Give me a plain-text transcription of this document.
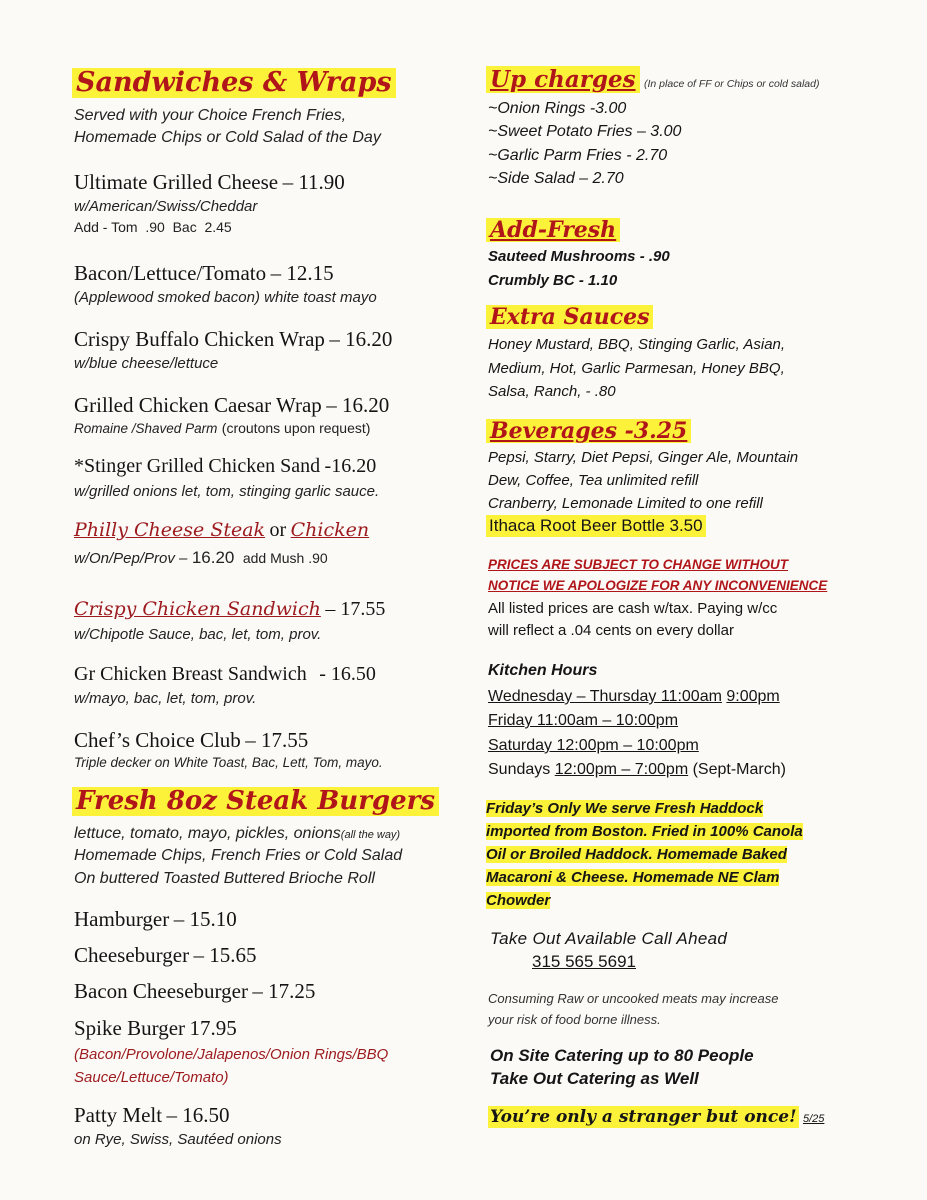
Sandwiches & Wraps
Served with your Choice French Fries,
Homemade Chips or Cold Salad of the Day
Ultimate Grilled Cheese – 11.90
w/American/Swiss/Cheddar
Add - Tom  .90  Bac  2.45
Bacon/Lettuce/Tomato – 12.15
(Applewood smoked bacon) white toast mayo
Crispy Buffalo Chicken Wrap – 16.20
w/blue cheese/lettuce
Grilled Chicken Caesar Wrap – 16.20
Romaine /Shaved Parm (croutons upon request)
*Stinger Grilled Chicken Sand -16.20
w/grilled onions let, tom, stinging garlic sauce.
Philly Cheese Steak or Chicken
w/On/Pep/Prov – 16.20 add Mush .90
Crispy Chicken Sandwich – 17.55
w/Chipotle Sauce, bac, let, tom, prov.
Gr Chicken Breast Sandwich - 16.50
w/mayo, bac, let, tom, prov.
Chef’s Choice Club – 17.55
Triple decker on White Toast, Bac, Lett, Tom, mayo.
Fresh 8oz Steak Burgers
lettuce, tomato, mayo, pickles, onions(all the way)
Homemade Chips, French Fries or Cold Salad
On buttered Toasted Buttered Brioche Roll
Hamburger – 15.10
Cheeseburger – 15.65
Bacon Cheeseburger – 17.25
Spike Burger 17.95
(Bacon/Provolone/Jalapenos/Onion Rings/BBQ
Sauce/Lettuce/Tomato)
Patty Melt – 16.50
on Rye, Swiss, Sautéed onions
Up charges (In place of FF or Chips or cold salad)
~Onion Rings -3.00
~Sweet Potato Fries – 3.00
~Garlic Parm Fries - 2.70
~Side Salad – 2.70
Add-Fresh
Sauteed Mushrooms - .90
Crumbly BC - 1.10
Extra Sauces
Honey Mustard, BBQ, Stinging Garlic, Asian,
Medium, Hot, Garlic Parmesan, Honey BBQ,
Salsa, Ranch, - .80
Beverages -3.25
Pepsi, Starry, Diet Pepsi, Ginger Ale, Mountain
Dew, Coffee, Tea unlimited refill
Cranberry, Lemonade Limited to one refill
Ithaca Root Beer Bottle 3.50
PRICES ARE SUBJECT TO CHANGE WITHOUT
NOTICE WE APOLOGIZE FOR ANY INCONVENIENCE
All listed prices are cash w/tax. Paying w/cc
will reflect a .04 cents on every dollar
Kitchen Hours
Wednesday – Thursday 11:00am 9:00pm
Friday 11:00am – 10:00pm
Saturday 12:00pm – 10:00pm
Sundays 12:00pm – 7:00pm (Sept-March)
Friday’s Only We serve Fresh Haddock
imported from Boston. Fried in 100% Canola
Oil or Broiled Haddock. Homemade Baked
Macaroni & Cheese. Homemade NE Clam
Chowder
Take Out Available Call Ahead
315 565 5691
Consuming Raw or uncooked meats may increase
your risk of food borne illness.
On Site Catering up to 80 People
Take Out Catering as Well
You’re only a stranger but once! 5/25
